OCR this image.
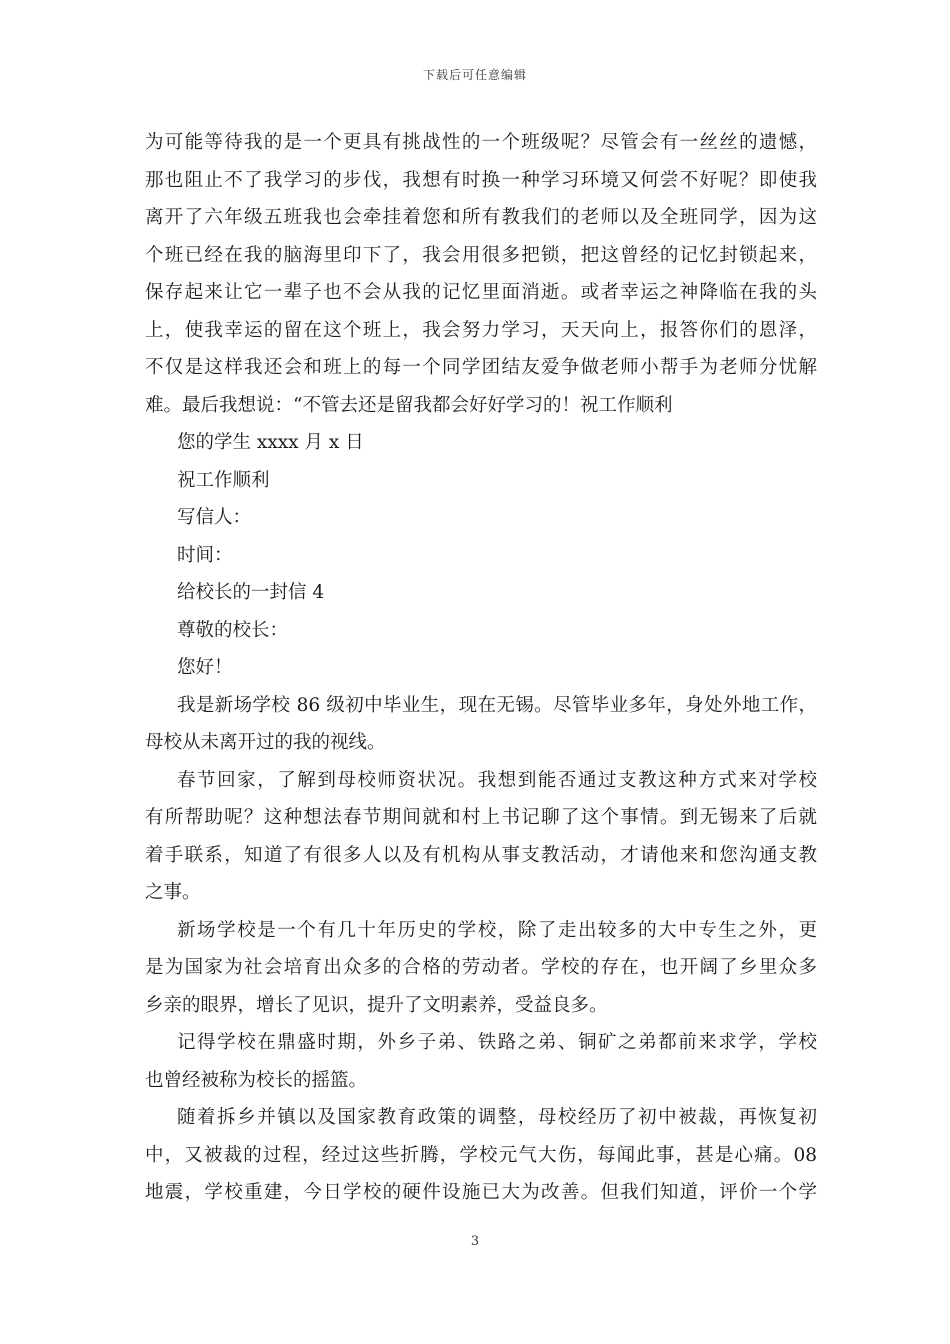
下载后可任意编辑
为可能等待我的是一个更具有挑战性的一个班级呢？尽管会有一丝丝的遗憾，
那也阻止不了我学习的步伐，我想有时换一种学习环境又何尝不好呢？即使我
离开了六年级五班我也会牵挂着您和所有教我们的老师以及全班同学，因为这
个班已经在我的脑海里印下了，我会用很多把锁，把这曾经的记忆封锁起来，
保存起来让它一辈子也不会从我的记忆里面消逝。或者幸运之神降临在我的头
上，使我幸运的留在这个班上，我会努力学习，天天向上，报答你们的恩泽，
不仅是这样我还会和班上的每一个同学团结友爱争做老师小帮手为老师分忧解
难。最后我想说：“不管去还是留我都会好好学习的！祝工作顺利
您的学生 xxxx 月 x 日
祝工作顺利
写信人：
时间：
给校长的一封信 4
尊敬的校长：
您好！
我是新场学校 86 级初中毕业生，现在无锡。尽管毕业多年，身处外地工作，
母校从未离开过的我的视线。
春节回家，了解到母校师资状况。我想到能否通过支教这种方式来对学校
有所帮助呢？这种想法春节期间就和村上书记聊了这个事情。到无锡来了后就
着手联系，知道了有很多人以及有机构从事支教活动，才请他来和您沟通支教
之事。
新场学校是一个有几十年历史的学校，除了走出较多的大中专生之外，更
是为国家为社会培育出众多的合格的劳动者。学校的存在，也开阔了乡里众多
乡亲的眼界，增长了见识，提升了文明素养，受益良多。
记得学校在鼎盛时期，外乡子弟、铁路之弟、铜矿之弟都前来求学，学校
也曾经被称为校长的摇篮。
随着拆乡并镇以及国家教育政策的调整，母校经历了初中被裁，再恢复初
中，又被裁的过程，经过这些折腾，学校元气大伤，每闻此事，甚是心痛。08
地震，学校重建，今日学校的硬件设施已大为改善。但我们知道，评价一个学
3
